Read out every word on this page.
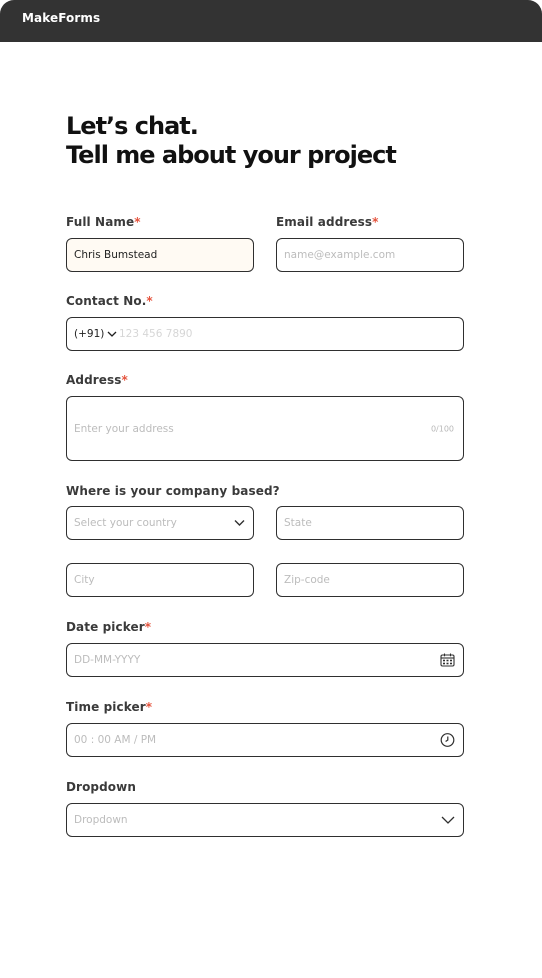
MakeForms
Let’s chat.
Tell me about your project
Full Name*
Chris Bumstead
Email address*
name@example.com
Contact No.*
(+91) 123 456 7890
Address*
Enter your address	0/100
Where is your company based?
Select your country	State
City	Zip-code
Date picker*
DD-MM-YYYY
Time picker*
00 : 00 AM / PM
Dropdown
Dropdown
